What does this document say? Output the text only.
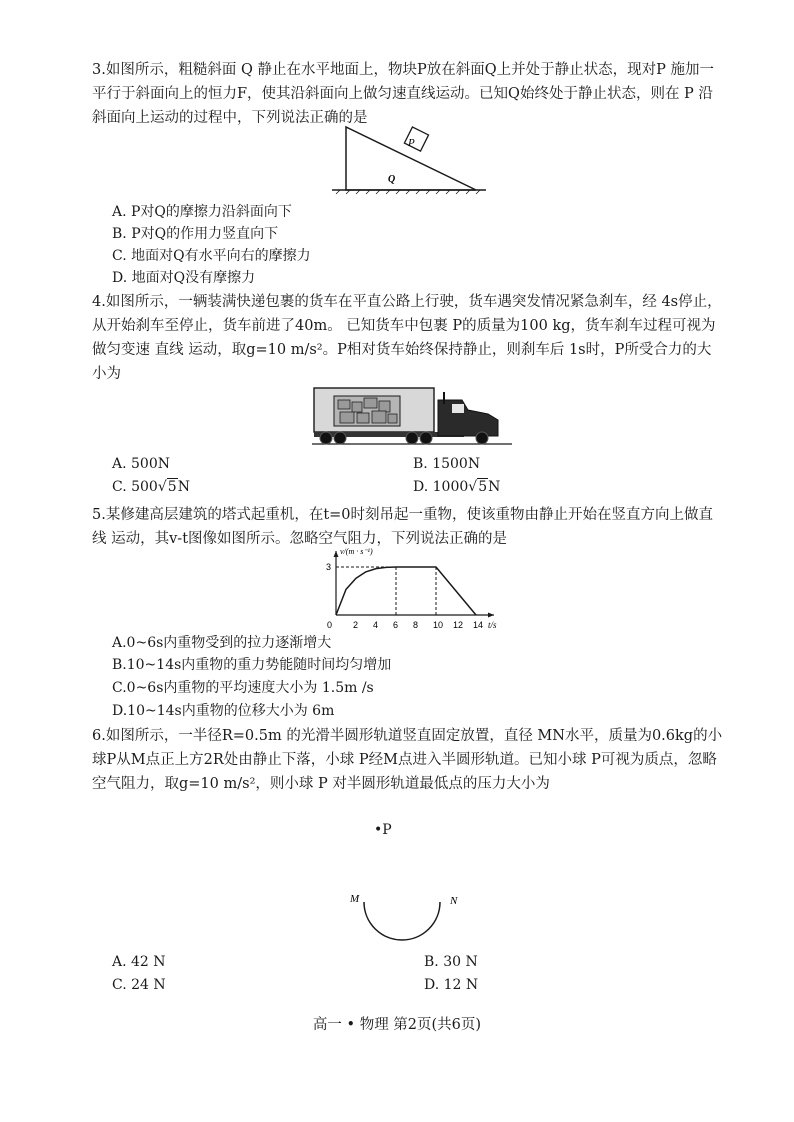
3.如图所示，粗糙斜面 Q 静止在水平地面上，物块P放在斜面Q上并处于静止状态，现对P 施加一平行于斜面向上的恒力F，使其沿斜面向上做匀速直线运动。已知Q始终处于静止状态，则在 P 沿斜面向上运动的过程中，下列说法正确的是

P
Q
A. P对Q的摩擦力沿斜面向下
B. P对Q的作用力竖直向下
C. 地面对Q有水平向右的摩擦力
D. 地面对Q没有摩擦力

4.如图所示，一辆装满快递包裹的货车在平直公路上行驶，货车遇突发情况紧急刹车，经 4s停止，从开始刹车至停止，货车前进了40m。 已知货车中包裹 P的质量为100 kg，货车刹车过程可视为做匀变速 直线 运动，取g=10 m/s²。P相对货车始终保持静止，则刹车后 1s时，P所受合力的大小为

A. 500N	B. 1500N
C. 500√5N	D. 1000√5N

5.某修建高层建筑的塔式起重机，在t=0时刻吊起一重物，使该重物由静止开始在竖直方向上做直线 运动，其v-t图像如图所示。忽略空气阻力，下列说法正确的是

0 2 4 6 8 10 12 14
3
t/s
v/(m · s⁻¹)
A.0~6s内重物受到的拉力逐渐增大
B.10~14s内重物的重力势能随时间均匀增加
C.0~6s内重物的平均速度大小为 1.5m /s
D.10~14s内重物的位移大小为 6m

6.如图所示，一半径R=0.5m 的光滑半圆形轨道竖直固定放置，直径 MN水平，质量为0.6kg的小球P从M点正上方2R处由静止下落，小球 P经M点进入半圆形轨道。已知小球 P可视为质点，忽略空气阻力，取g=10 m/s²，则小球 P 对半圆形轨道最低点的压力大小为

•P
M	N
A. 42 N	B. 30 N
C. 24 N	D. 12 N
高一 • 物理 第2页(共6页)
